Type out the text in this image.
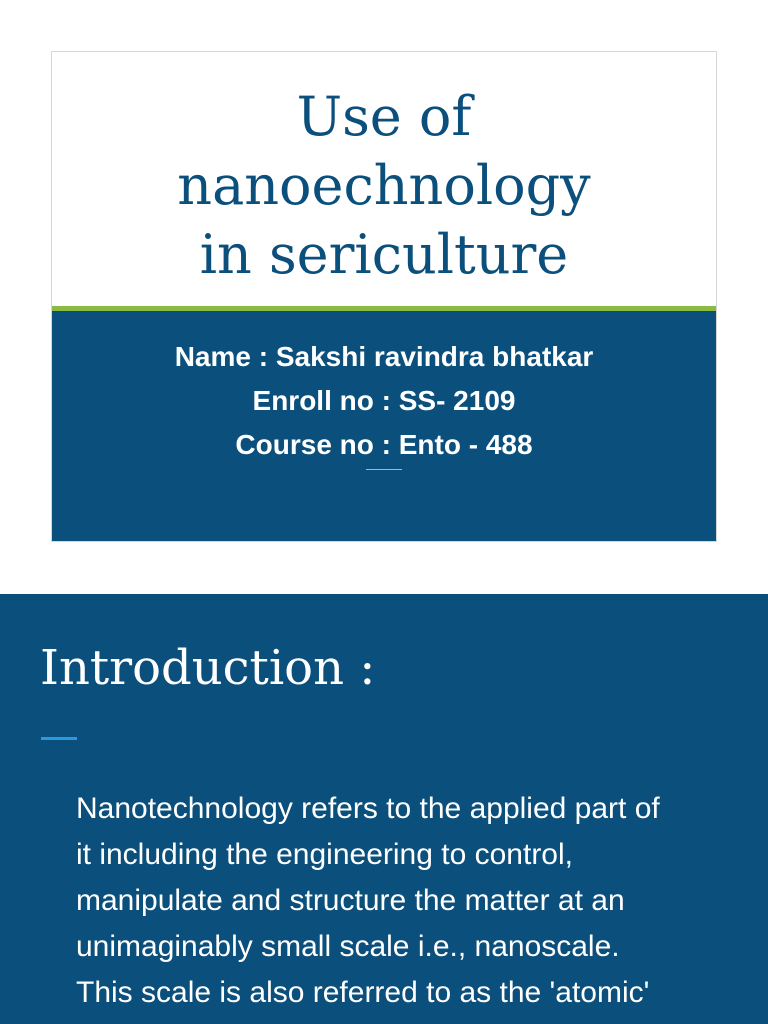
Use of
nanoechnology
in sericulture
Name : Sakshi ravindra bhatkar
Enroll no : SS- 2109
Course no : Ento - 488
Introduction :
Nanotechnology refers to the applied part of
it including the engineering to control,
manipulate and structure the matter at an
unimaginably small scale i.e., nanoscale.
This scale is also referred to as the 'atomic'
